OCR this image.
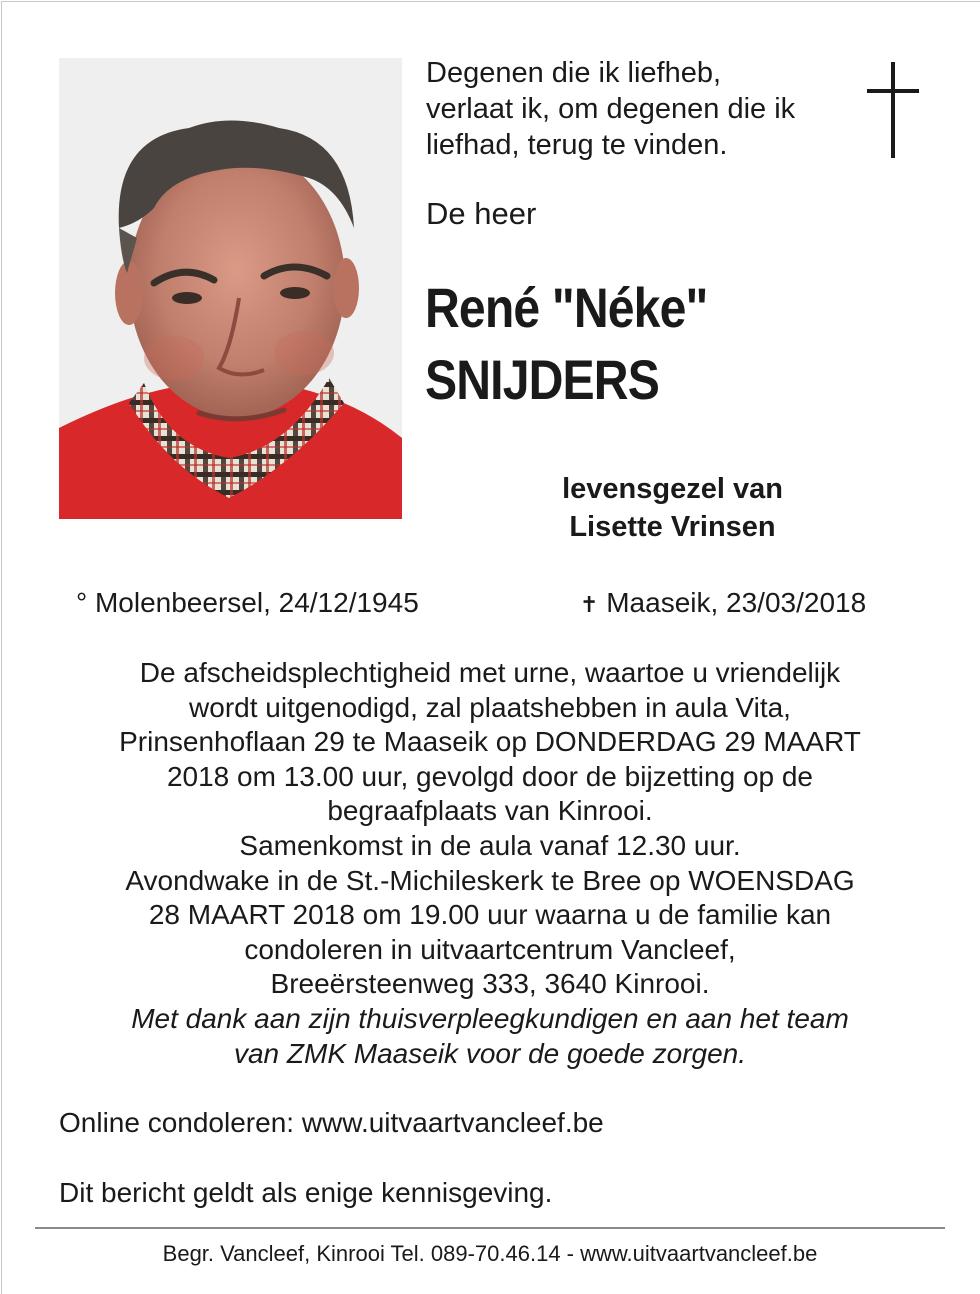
Degenen die ik liefheb,
verlaat ik, om degenen die ik
liefhad, terug te vinden.
De heer
René "Néke"
SNIJDERS
levensgezel van
Lisette Vrinsen
° Molenbeersel, 24/12/1945	✝ Maaseik, 23/03/2018
De afscheidsplechtigheid met urne, waartoe u vriendelijk
wordt uitgenodigd, zal plaatshebben in aula Vita,
Prinsenhoflaan 29 te Maaseik op DONDERDAG 29 MAART
2018 om 13.00 uur, gevolgd door de bijzetting op de
begraafplaats van Kinrooi.
Samenkomst in de aula vanaf 12.30 uur.
Avondwake in de St.-Michileskerk te Bree op WOENSDAG
28 MAART 2018 om 19.00 uur waarna u de familie kan
condoleren in uitvaartcentrum Vancleef,
Breeërsteenweg 333, 3640 Kinrooi.
Met dank aan zijn thuisverpleegkundigen en aan het team
van ZMK Maaseik voor de goede zorgen.
Online condoleren: www.uitvaartvancleef.be
Dit bericht geldt als enige kennisgeving.
Begr. Vancleef, Kinrooi Tel. 089-70.46.14 - www.uitvaartvancleef.be
